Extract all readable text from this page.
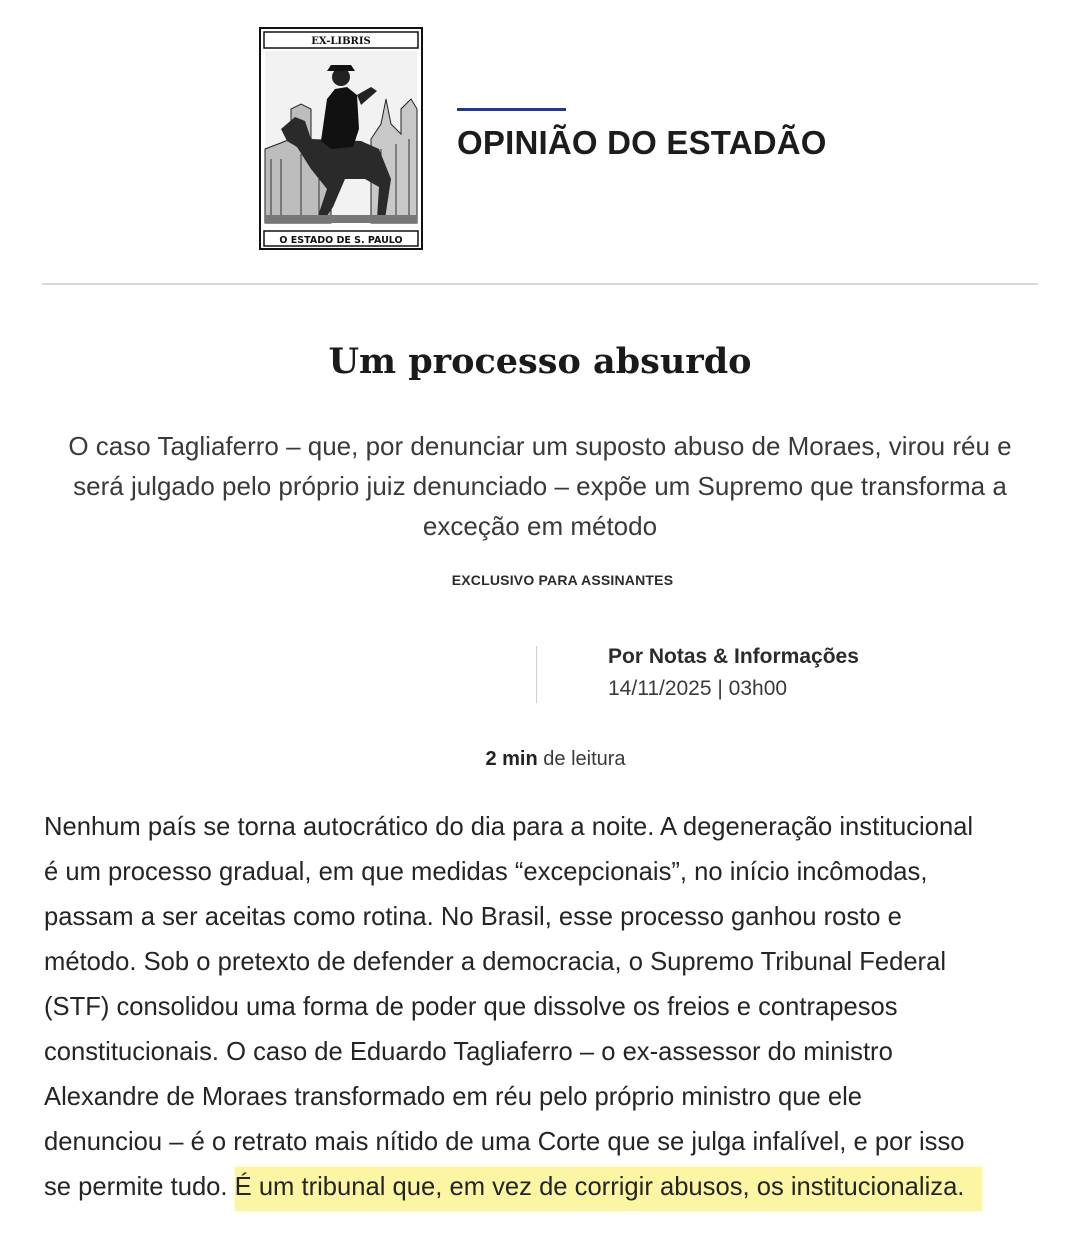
EX-LIBRIS
O ESTADO DE S. PAULO
OPINIÃO DO ESTADÃO
Um processo absurdo
O caso Tagliaferro – que, por denunciar um suposto abuso de Moraes, virou réu e
será julgado pelo próprio juiz denunciado – expõe um Supremo que transforma a
exceção em método
EXCLUSIVO PARA ASSINANTES
Por Notas & Informações
14/11/2025 | 03h00
2 min de leitura
Nenhum país se torna autocrático do dia para a noite. A degeneração institucional
é um processo gradual, em que medidas “excepcionais”, no início incômodas,
passam a ser aceitas como rotina. No Brasil, esse processo ganhou rosto e
método. Sob o pretexto de defender a democracia, o Supremo Tribunal Federal
(STF) consolidou uma forma de poder que dissolve os freios e contrapesos
constitucionais. O caso de Eduardo Tagliaferro – o ex-assessor do ministro
Alexandre de Moraes transformado em réu pelo próprio ministro que ele
denunciou – é o retrato mais nítido de uma Corte que se julga infalível, e por isso
se permite tudo. É um tribunal que, em vez de corrigir abusos, os institucionaliza.
